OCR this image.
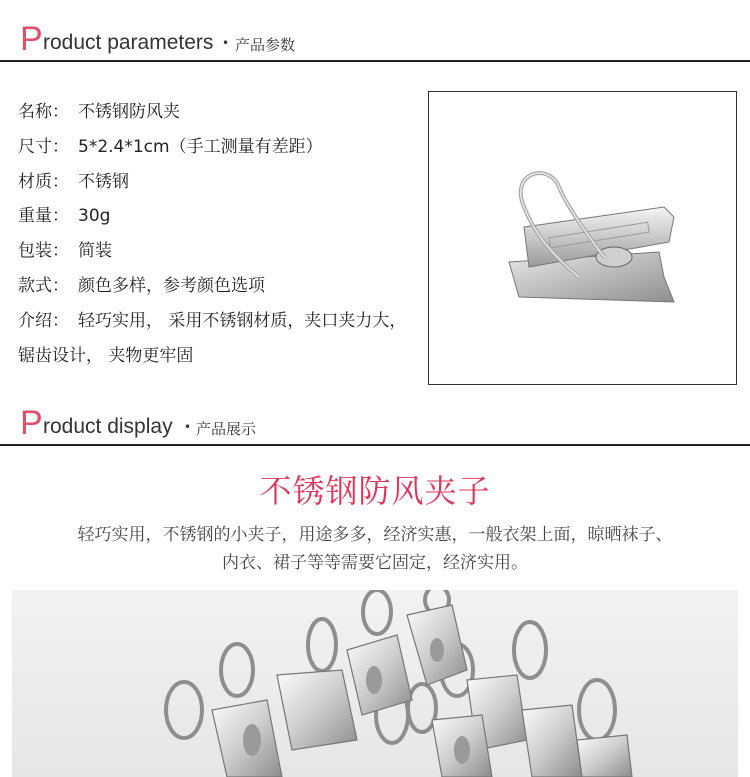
P roduct parameters • 产品参数
名称： 不锈钢防风夹
尺寸： 5*2.4*1cm（手工测量有差距）
材质： 不锈钢
重量： 30g
包装： 简装
款式： 颜色多样，参考颜色选项
介绍： 轻巧实用， 采用不锈钢材质，夹口夹力大，
锯齿设计， 夹物更牢固
P roduct display • 产品展示
不锈钢防风夹子
轻巧实用，不锈钢的小夹子，用途多多，经济实惠，一般衣架上面，晾晒袜子、
内衣、裙子等等需要它固定，经济实用。
